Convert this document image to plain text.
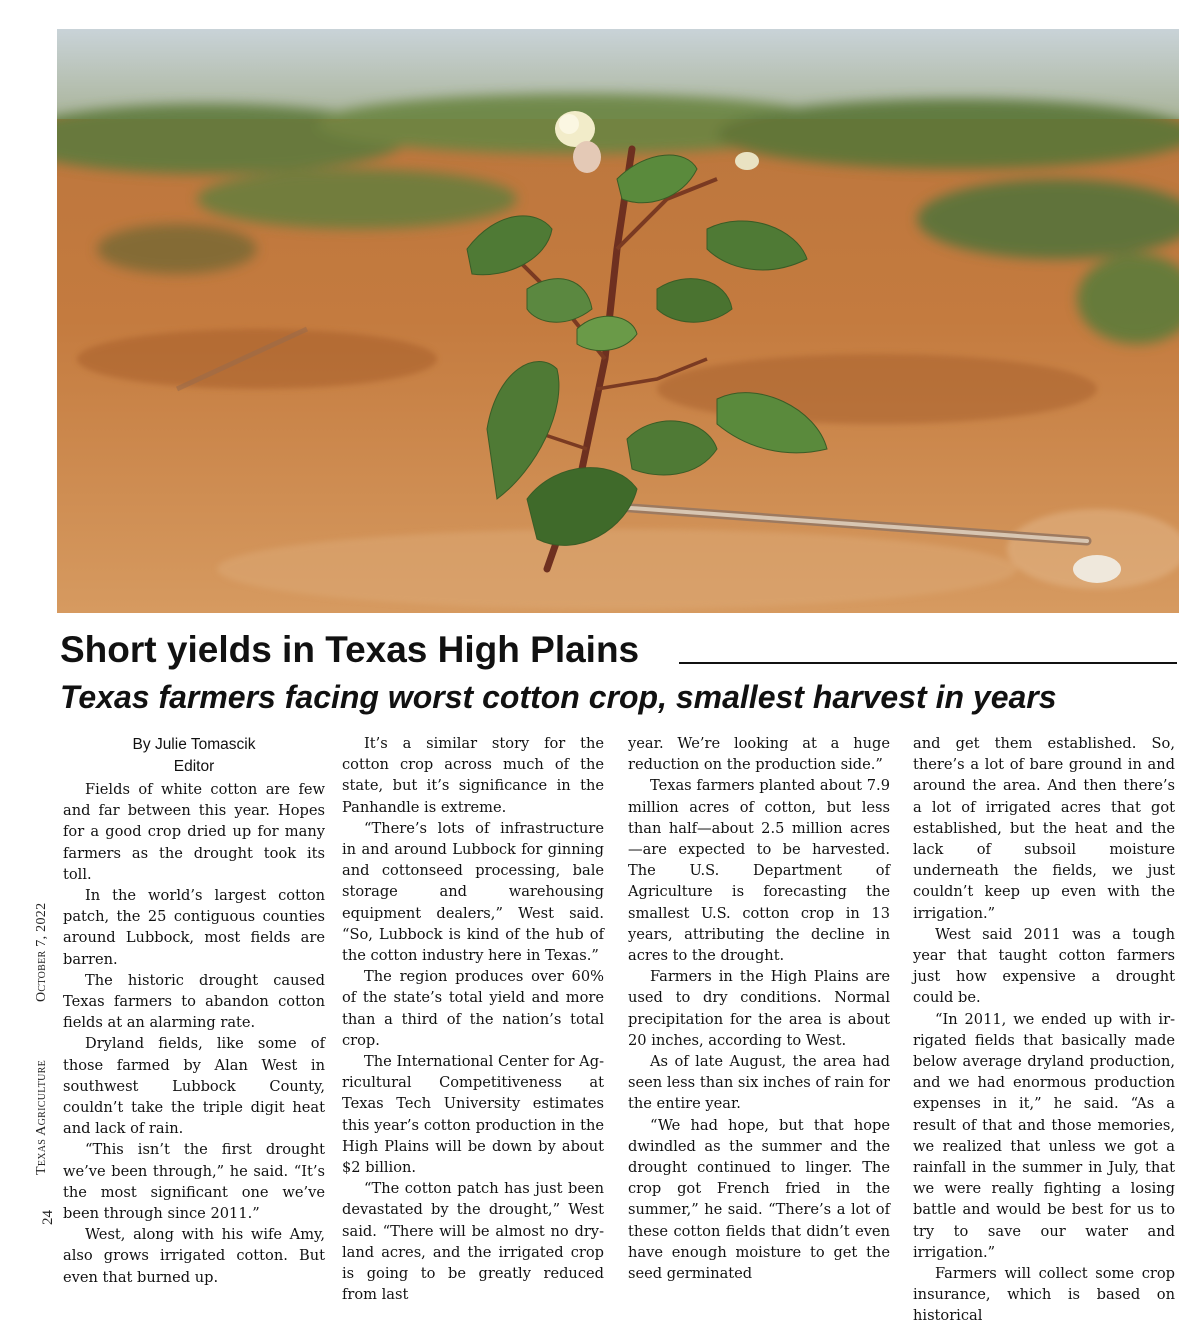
Short yields in Texas High Plains
Texas farmers facing worst cotton crop, smallest harvest in years
October 7, 2022
Texas Agriculture
24
By Julie Tomascik
Editor

Fields of white cotton are few and far between this year. Hopes for a good crop dried up for many farmers as the drought took its toll.

In the world’s largest cotton patch, the 25 contiguous counties around Lubbock, most fields are barren.

The historic drought caused Texas farmers to abandon cotton fields at an alarming rate.

Dryland fields, like some of those farmed by Alan West in southwest Lubbock County, couldn’t take the triple digit heat and lack of rain.

“This isn’t the first drought we’ve been through,” he said. “It’s the most significant one we’ve been through since 2011.”

West, along with his wife Amy, also grows irrigated cotton. But even that burned up.

It’s a similar story for the cotton crop across much of the state, but it’s significance in the Panhandle is extreme.

“There’s lots of infrastructure in and around Lubbock for ginning and cottonseed processing, bale storage and warehousing equipment dealers,” West said. “So, Lubbock is kind of the hub of the cotton industry here in Texas.”

The region produces over 60% of the state’s total yield and more than a third of the nation’s total crop.

The International Center for Agricultural Competitiveness at Texas Tech University estimates this year’s cotton production in the High Plains will be down by about $2 billion.

“The cotton patch has just been devastated by the drought,” West said. “There will be almost no dryland acres, and the irrigated crop is going to be greatly reduced from last

year. We’re looking at a huge reduction on the production side.”

Texas farmers planted about 7.9 million acres of cotton, but less than half—about 2.5 million acres—are expected to be harvested. The U.S. Department of Agriculture is forecasting the smallest U.S. cotton crop in 13 years, attributing the decline in acres to the drought.

Farmers in the High Plains are used to dry conditions. Normal precipitation for the area is about 20 inches, according to West.

As of late August, the area had seen less than six inches of rain for the entire year.

“We had hope, but that hope dwindled as the summer and the drought continued to linger. The crop got French fried in the summer,” he said. “There’s a lot of these cotton fields that didn’t even have enough moisture to get the seed germinated

and get them established. So, there’s a lot of bare ground in and around the area. And then there’s a lot of irrigated acres that got established, but the heat and the lack of subsoil moisture underneath the fields, we just couldn’t keep up even with the irrigation.”

West said 2011 was a tough year that taught cotton farmers just how expensive a drought could be.

“In 2011, we ended up with irrigated fields that basically made below average dryland production, and we had enormous production expenses in it,” he said. “As a result of that and those memories, we realized that unless we got a rainfall in the summer in July, that we were really fighting a losing battle and would be best for us to try to save our water and irrigation.”

Farmers will collect some crop insurance, which is based on historical
